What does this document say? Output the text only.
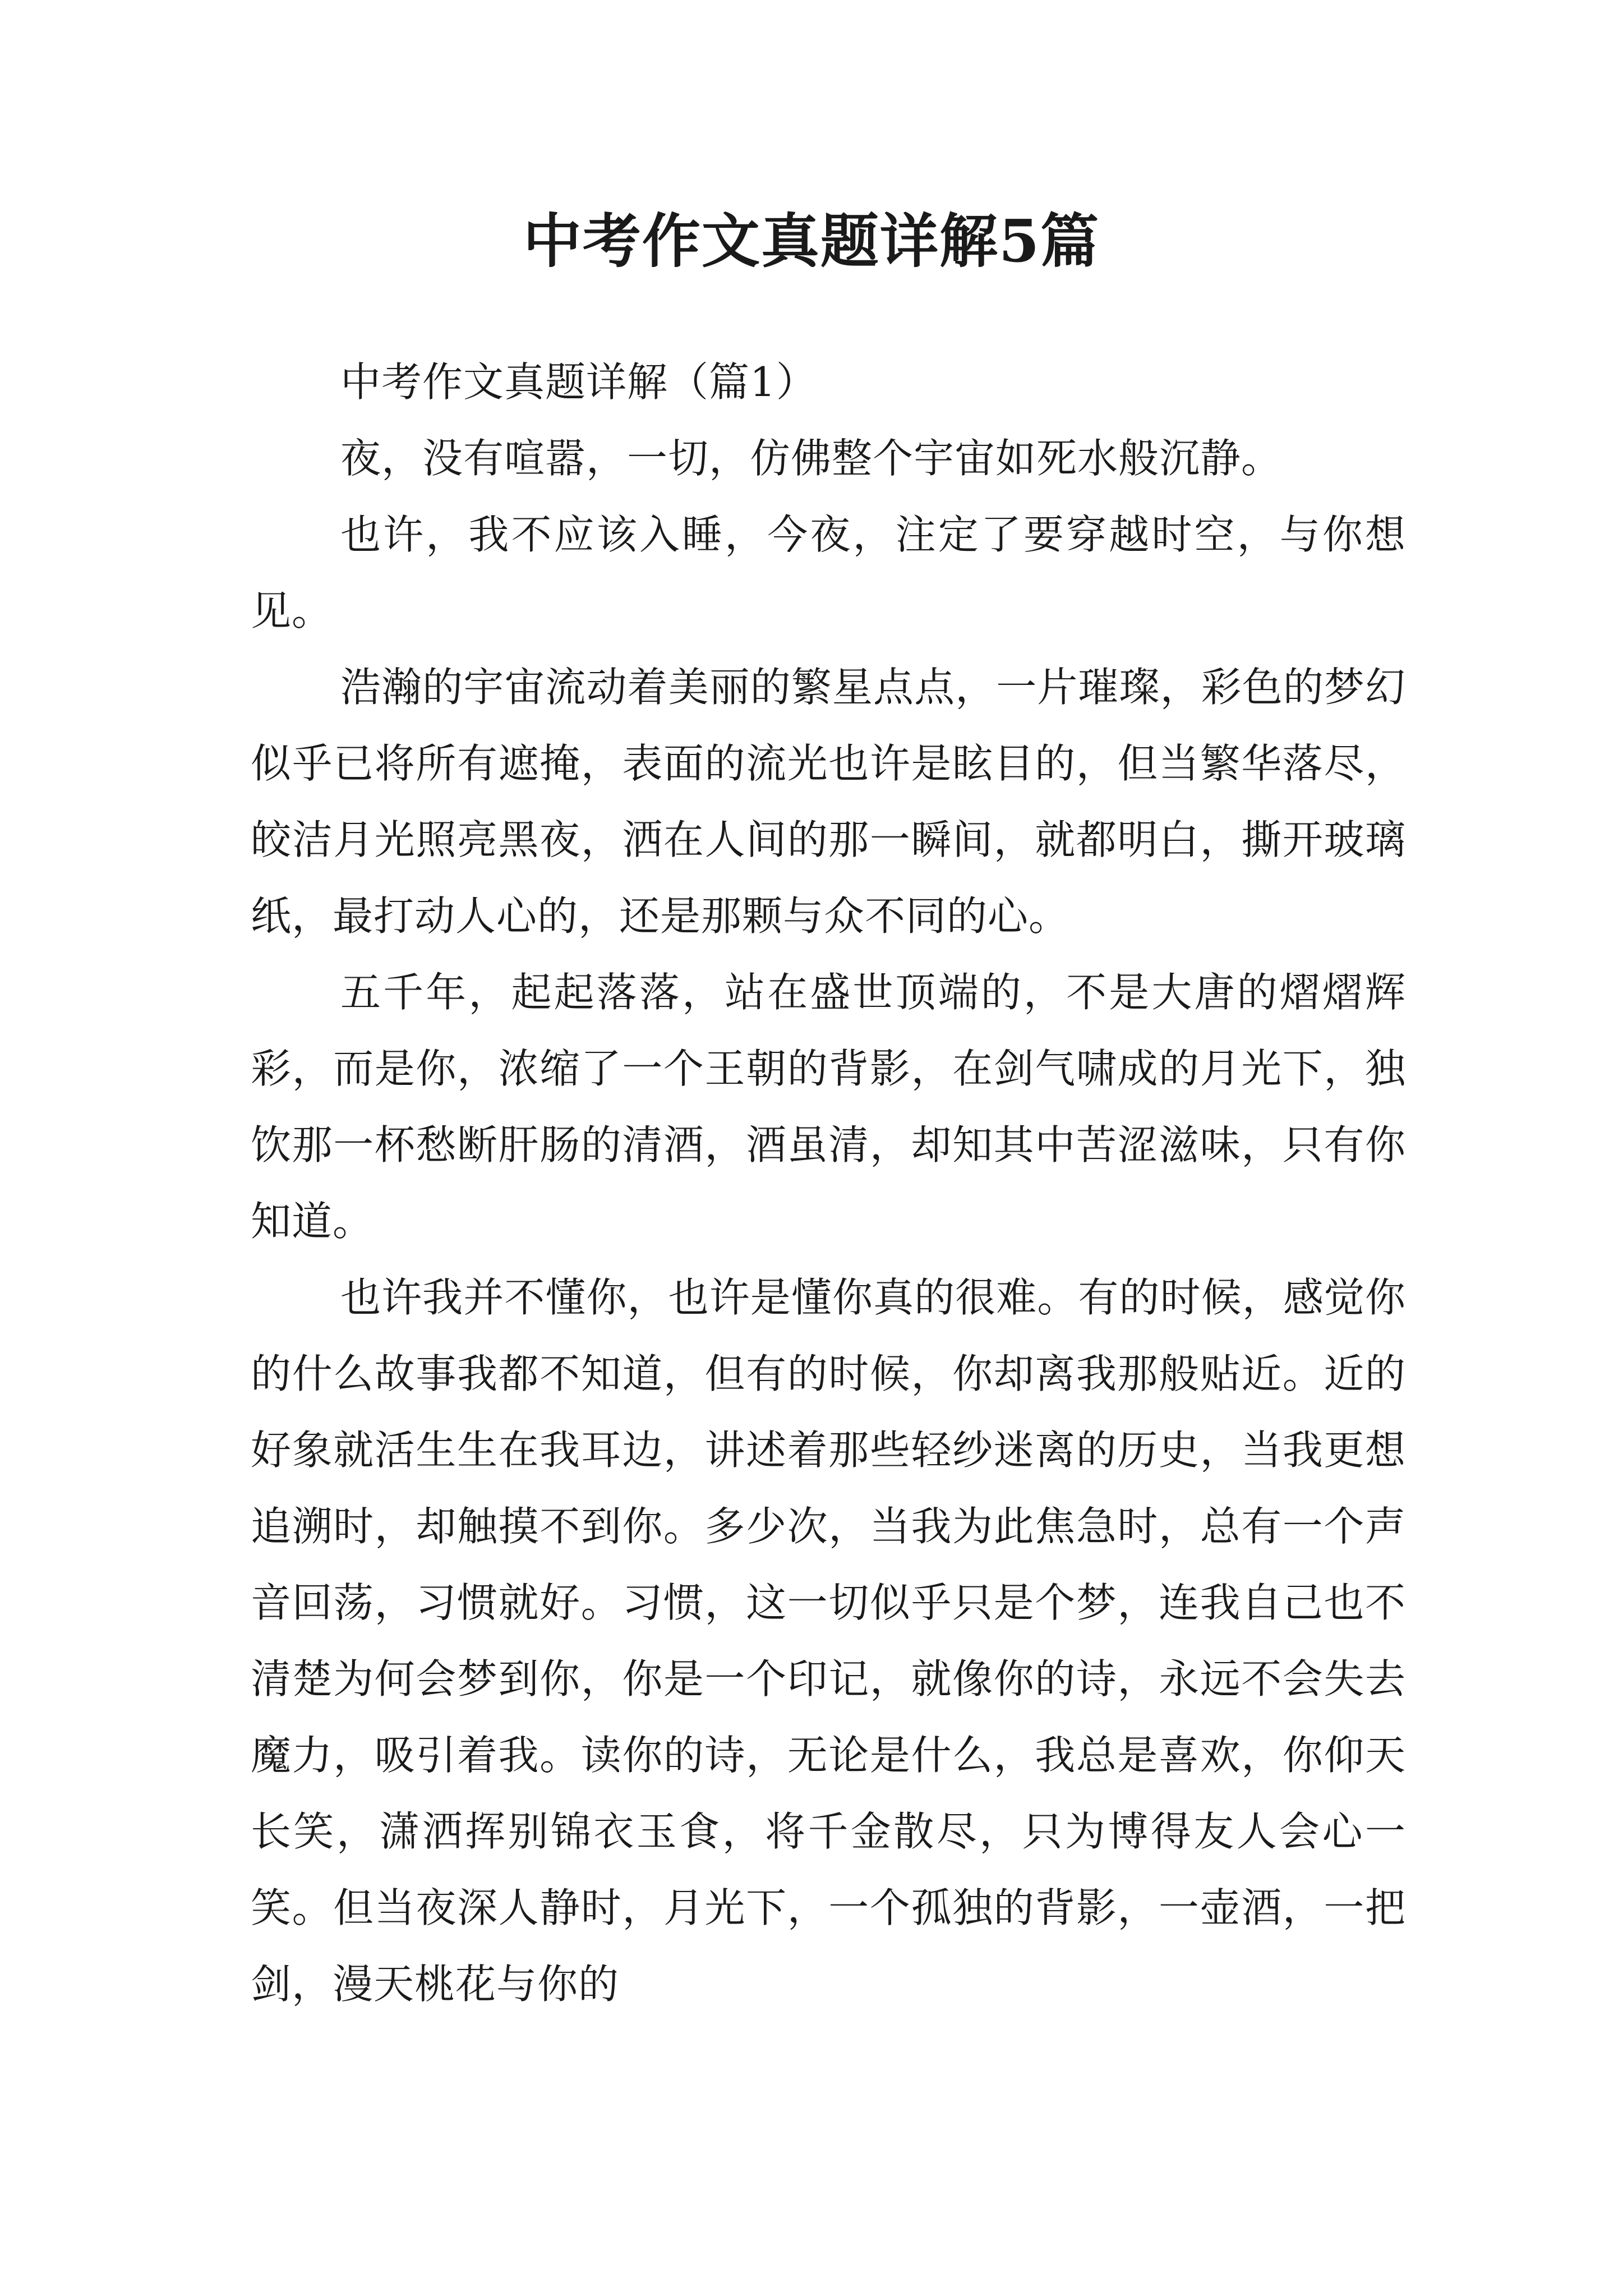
中考作文真题详解5篇

中考作文真题详解（篇1）

夜，没有喧嚣，一切，仿佛整个宇宙如死水般沉静。

也许，我不应该入睡，今夜，注定了要穿越时空，与你想见。

浩瀚的宇宙流动着美丽的繁星点点，一片璀璨，彩色的梦幻似乎已将所有遮掩，表面的流光也许是眩目的，但当繁华落尽，皎洁月光照亮黑夜，洒在人间的那一瞬间，就都明白，撕开玻璃纸，最打动人心的，还是那颗与众不同的心。

五千年，起起落落，站在盛世顶端的，不是大唐的熠熠辉彩，而是你，浓缩了一个王朝的背影，在剑气啸成的月光下，独饮那一杯愁断肝肠的清酒，酒虽清，却知其中苦涩滋味，只有你知道。

也许我并不懂你，也许是懂你真的很难。有的时候，感觉你的什么故事我都不知道，但有的时候，你却离我那般贴近。近的好象就活生生在我耳边，讲述着那些轻纱迷离的历史，当我更想追溯时，却触摸不到你。多少次，当我为此焦急时，总有一个声音回荡，习惯就好。习惯，这一切似乎只是个梦，连我自己也不清楚为何会梦到你，你是一个印记，就像你的诗，永远不会失去魔力，吸引着我。读你的诗，无论是什么，我总是喜欢，你仰天长笑，潇洒挥别锦衣玉食，将千金散尽，只为博得友人会心一笑。但当夜深人静时，月光下，一个孤独的背影，一壶酒，一把剑，漫天桃花与你的
